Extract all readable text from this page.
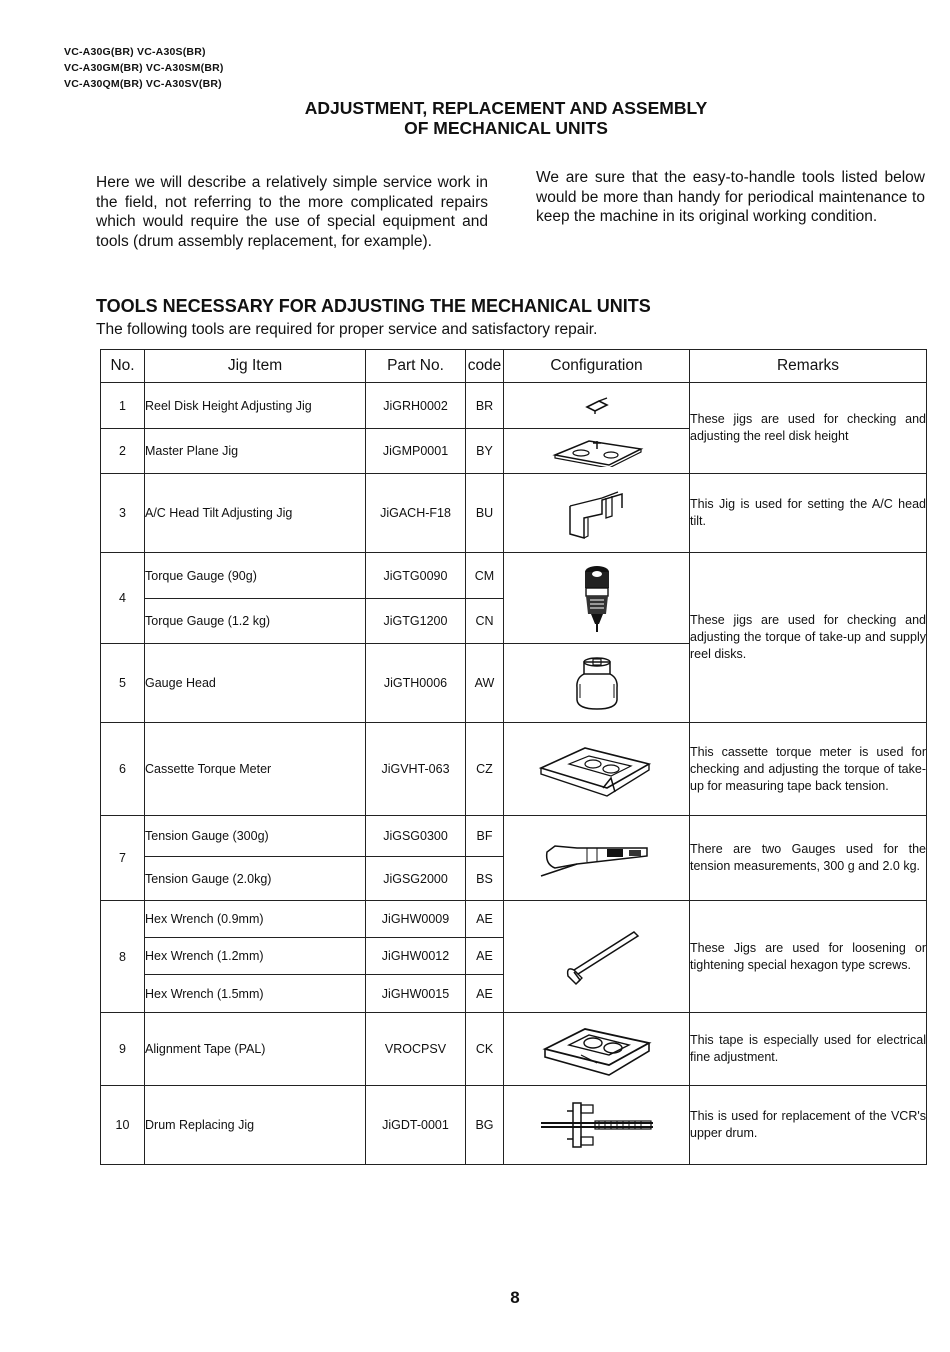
VC-A30G(BR) VC-A30S(BR)
VC-A30GM(BR) VC-A30SM(BR)
VC-A30QM(BR) VC-A30SV(BR)
ADJUSTMENT, REPLACEMENT AND ASSEMBLY
OF MECHANICAL UNITS
Here we will describe a relatively simple service work in the field, not referring to the more complicated repairs which would require the use of special equipment and tools (drum assembly replacement, for example).
We are sure that the easy-to-handle tools listed below would be more than handy for periodical maintenance to keep the machine in its original working condition.
TOOLS NECESSARY FOR ADJUSTING THE MECHANICAL UNITS
The following tools are required for proper service and satisfactory repair.
No.	Jig Item	Part No.	code	Configuration	Remarks
1	Reel Disk Height Adjusting Jig	JiGRH0002	BR		These jigs are used for checking and adjusting the reel disk height
2	Master Plane Jig	JiGMP0001	BY	

3	A/C Head Tilt Adjusting Jig	JiGACH-F18	BU		This Jig is used for setting the A/C head tilt.
4	Torque Gauge (90g)	JiGTG0090	CM		These jigs are used for checking and adjusting the torque of take-up and supply reel disks.
	Torque Gauge (1.2 kg)	JiGTG1200	CN		
5	Gauge Head	JiGTH0006	AW	

6	Cassette Torque Meter	JiGVHT-063	CZ		This cassette torque meter is used for checking and adjusting the torque of take-up for measuring tape back tension.
7	Tension Gauge (300g)	JiGSG0300	BF		There are two Gauges used for the tension measurements, 300 g and 2.0 kg.
	Tension Gauge (2.0kg)	JiGSG2000	BS		
8	Hex Wrench (0.9mm)	JiGHW0009	AE		These Jigs are used for loosening or tightening special hexagon type screws.
	Hex Wrench (1.2mm)	JiGHW0012	AE		
	Hex Wrench (1.5mm)	JiGHW0015	AE		
9	Alignment Tape (PAL)	VROCPSV	CK		This tape is especially used for electrical fine adjustment.
10	Drum Replacing Jig	JiGDT-0001	BG		This is used for replacement of the VCR's upper drum.
8
